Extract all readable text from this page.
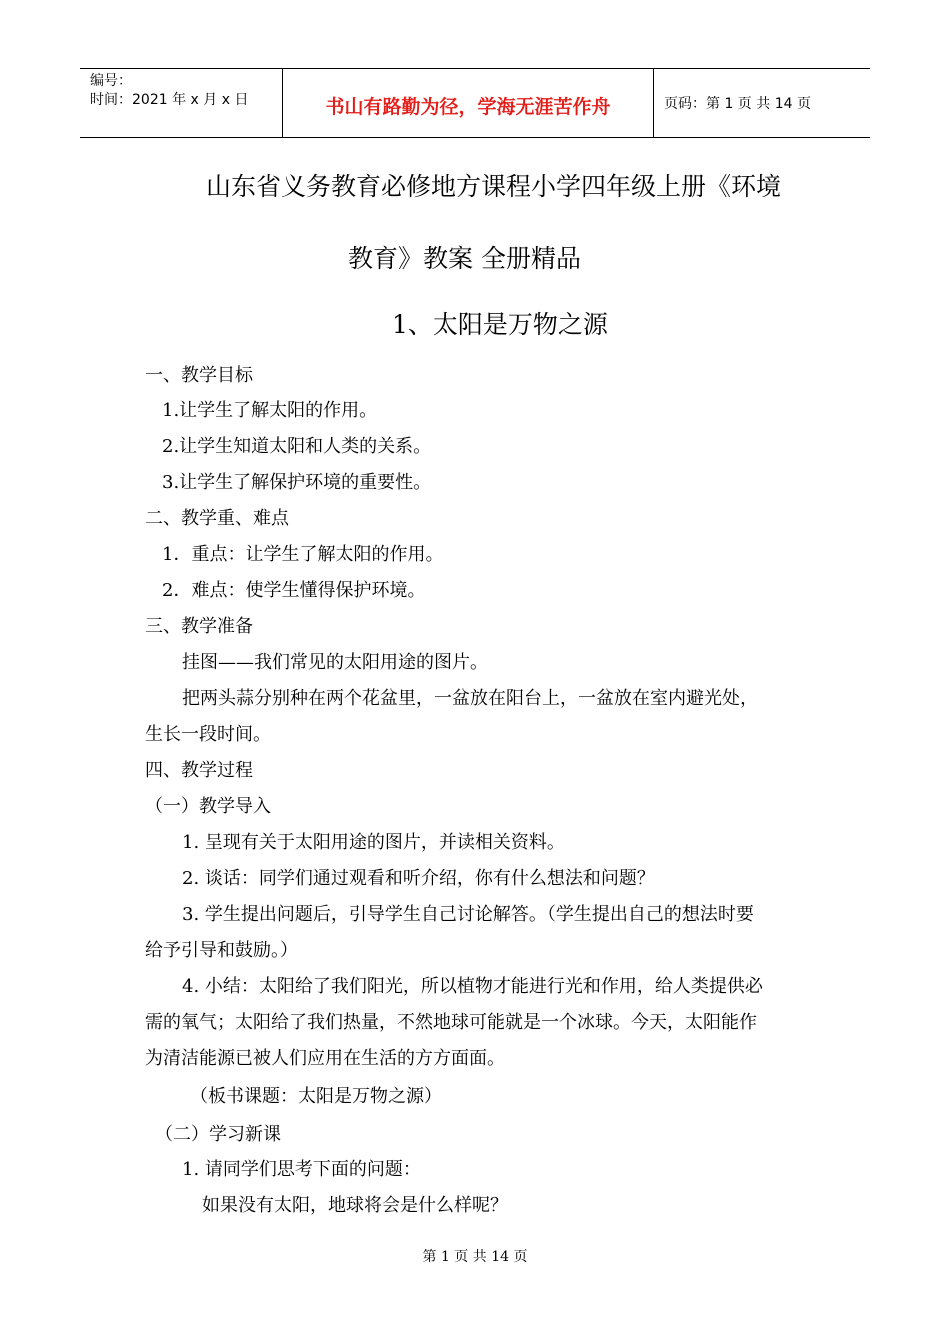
编号：
时间：2021 年 x 月 x 日	书山有路勤为径，学海无涯苦作舟	页码：第 1 页 共 14 页
山东省义务教育必修地方课程小学四年级上册《环境
教育》教案 全册精品
1、太阳是万物之源
一、教学目标
1.让学生了解太阳的作用。
2.让学生知道太阳和人类的关系。
3.让学生了解保护环境的重要性。
二、教学重、难点
1．重点：让学生了解太阳的作用。
2．难点：使学生懂得保护环境。
三、教学准备
挂图——我们常见的太阳用途的图片。
把两头蒜分别种在两个花盆里，一盆放在阳台上，一盆放在室内避光处，
生长一段时间。
四、教学过程
（一）教学导入
1. 呈现有关于太阳用途的图片，并读相关资料。
2. 谈话：同学们通过观看和听介绍，你有什么想法和问题？
3. 学生提出问题后，引导学生自己讨论解答。（学生提出自己的想法时要
给予引导和鼓励。）
4. 小结：太阳给了我们阳光，所以植物才能进行光和作用，给人类提供必
需的氧气；太阳给了我们热量，不然地球可能就是一个冰球。今天，太阳能作
为清洁能源已被人们应用在生活的方方面面。
（板书课题：太阳是万物之源）
（二）学习新课
1. 请同学们思考下面的问题：
如果没有太阳，地球将会是什么样呢？
第 1 页 共 14 页
